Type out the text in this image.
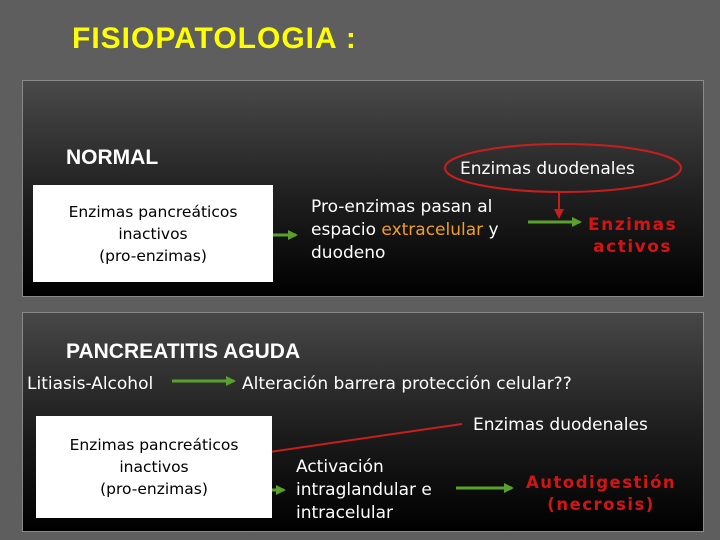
FISIOPATOLOGIA :
NORMAL
Enzimas pancreáticos
inactivos
(pro-enzimas)
Enzimas duodenales
Pro-enzimas pasan al
espacio extracelular y
duodeno
Enzimas
activos
PANCREATITIS AGUDA
Litiasis-Alcohol	Alteración barrera protección celular??
Enzimas duodenales
Enzimas pancreáticos
inactivos
(pro-enzimas)
Activación
intraglandular e
intracelular
Autodigestión
(necrosis)
